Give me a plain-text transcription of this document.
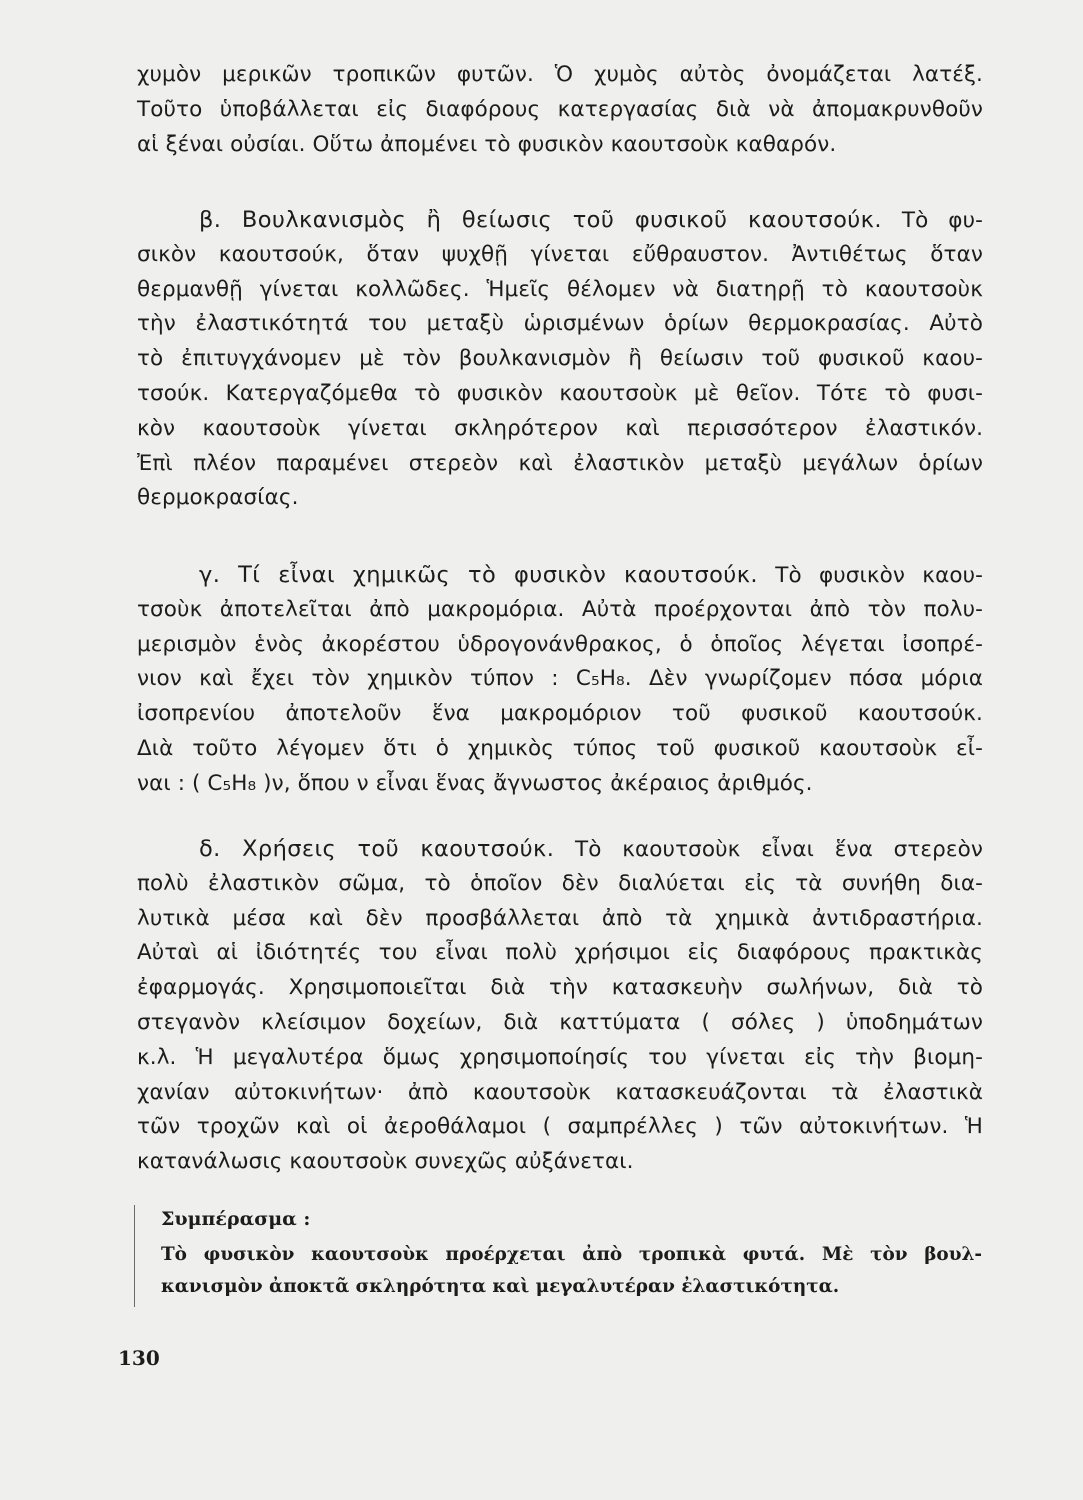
χυμὸν μερικῶν τροπικῶν φυτῶν. Ὁ χυμὸς αὐτὸς ὀνομάζεται λατέξ.
Τοῦτο ὑποβάλλεται εἰς διαφόρους κατεργασίας διὰ νὰ ἀπομακρυνθοῦν
αἱ ξέναι οὐσίαι. Οὕτω ἀπομένει τὸ φυσικὸν καουτσοὺκ καθαρόν.
β. Βουλκανισμὸς ἢ θείωσις τοῦ φυσικοῦ καουτσούκ. Τὸ φυ-
σικὸν καουτσούκ, ὅταν ψυχθῇ γίνεται εὔθραυστον. Ἀντιθέτως ὅταν
θερμανθῇ γίνεται κολλῶδες. Ἡμεῖς θέλομεν νὰ διατηρῇ τὸ καουτσοὺκ
τὴν ἐλαστικότητά του μεταξὺ ὡρισμένων ὁρίων θερμοκρασίας. Αὐτὸ
τὸ ἐπιτυγχάνομεν μὲ τὸν βουλκανισμὸν ἢ θείωσιν τοῦ φυσικοῦ καου-
τσούκ. Κατεργαζόμεθα τὸ φυσικὸν καουτσοὺκ μὲ θεῖον. Τότε τὸ φυσι-
κὸν καουτσοὺκ γίνεται σκληρότερον καὶ περισσότερον ἐλαστικόν.
Ἐπὶ πλέον παραμένει στερεὸν καὶ ἐλαστικὸν μεταξὺ μεγάλων ὁρίων
θερμοκρασίας.
γ. Τί εἶναι χημικῶς τὸ φυσικὸν καουτσούκ. Τὸ φυσικὸν καου-
τσοὺκ ἀποτελεῖται ἀπὸ μακρομόρια. Αὐτὰ προέρχονται ἀπὸ τὸν πολυ-
μερισμὸν ἑνὸς ἀκορέστου ὑδρογονάνθρακος, ὁ ὁποῖος λέγεται ἰσοπρέ-
νιον καὶ ἔχει τὸν χημικὸν τύπον : C₅H₈. Δὲν γνωρίζομεν πόσα μόρια
ἰσοπρενίου ἀποτελοῦν ἕνα μακρομόριον τοῦ φυσικοῦ καουτσούκ.
Διὰ τοῦτο λέγομεν ὅτι ὁ χημικὸς τύπος τοῦ φυσικοῦ καουτσοὺκ εἶ-
ναι : ( C₅H₈ )ν, ὅπου ν εἶναι ἕνας ἄγνωστος ἀκέραιος ἀριθμός.
δ. Χρήσεις τοῦ καουτσούκ. Τὸ καουτσοὺκ εἶναι ἕνα στερεὸν
πολὺ ἐλαστικὸν σῶμα, τὸ ὁποῖον δὲν διαλύεται εἰς τὰ συνήθη δια-
λυτικὰ μέσα καὶ δὲν προσβάλλεται ἀπὸ τὰ χημικὰ ἀντιδραστήρια.
Αὐταὶ αἱ ἰδιότητές του εἶναι πολὺ χρήσιμοι εἰς διαφόρους πρακτικὰς
ἐφαρμογάς. Χρησιμοποιεῖται διὰ τὴν κατασκευὴν σωλήνων, διὰ τὸ
στεγανὸν κλείσιμον δοχείων, διὰ καττύματα ( σόλες ) ὑποδημάτων
κ.λ. Ἡ μεγαλυτέρα ὅμως χρησιμοποίησίς του γίνεται εἰς τὴν βιομη-
χανίαν αὐτοκινήτων· ἀπὸ καουτσοὺκ κατασκευάζονται τὰ ἐλαστικὰ
τῶν τροχῶν καὶ οἱ ἀεροθάλαμοι ( σαμπρέλλες ) τῶν αὐτοκινήτων. Ἡ
κατανάλωσις καουτσοὺκ συνεχῶς αὐξάνεται.
Συμπέρασμα :
Τὸ φυσικὸν καουτσοὺκ προέρχεται ἀπὸ τροπικὰ φυτά. Μὲ τὸν βουλ-
κανισμὸν ἀποκτᾶ σκληρότητα καὶ μεγαλυτέραν ἐλαστικότητα.
130
